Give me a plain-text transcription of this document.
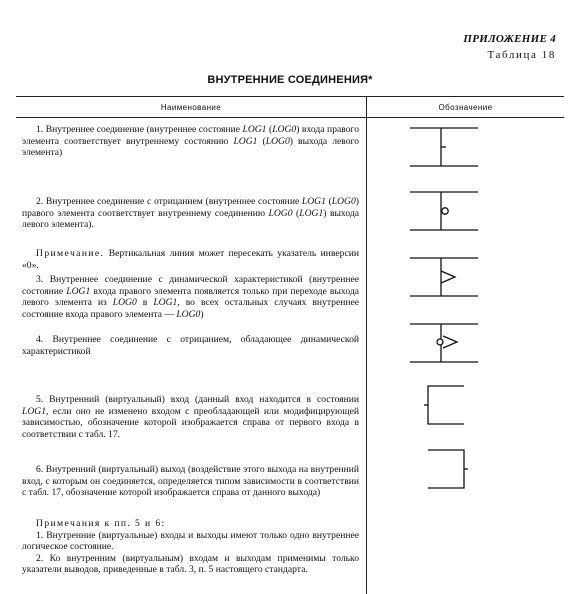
ПРИЛОЖЕНИЕ 4
Таблица 18
ВНУТРЕННИЕ СОЕДИНЕНИЯ*
Наименование	Обозначение

1. Внутреннее соединение (внутреннее состояние LOG1 (LOG0) входа правого элемента соответствует внутреннему состоянию LOG1 (LOG0) выхода левого элемента)

2. Внутреннее соединение с отрицанием (внутреннее состояние LOG1 (LOG0) правого элемента соответствует внутреннему соединению LOG0 (LOG1) выхода левого элемента).

Примечание. Вертикальная линия может пересекать указатель инверсии «0».

3. Внутреннее соединение с динамической характеристикой (внутреннее состояние LOG1 входа правого элемента появляется только при переходе выхода левого элемента из LOG0 в LOG1, во всех остальных случаях внутреннее состояние входа правого элемента — LOG0)

4. Внутреннее соединение с отрицанием, обладающее динамической характеристикой

5. Внутренний (виртуальный) вход (данный вход находится в состоянии LOG1, если оно не изменено входом с преобладающей или модифицирующей зависимостью, обозначение которой изображается справа от первого входа в соответствии с табл. 17.

6. Внутренний (виртуальный) выход (воздействие этого выхода на внутренний вход, с которым он соединяется, определяется типом зависимости в соответствии с табл. 17, обозначение которой изображается справа от данного выхода)

Примечания к пп. 5 и 6:

1. Внутренние (виртуальные) входы и выходы имеют только одно внутреннее логическое состояние.

2. Ко внутренним (виртуальным) входам и выходам применимы только указатели выводов, приведенные в табл. 3, п. 5 настоящего стандарта.
